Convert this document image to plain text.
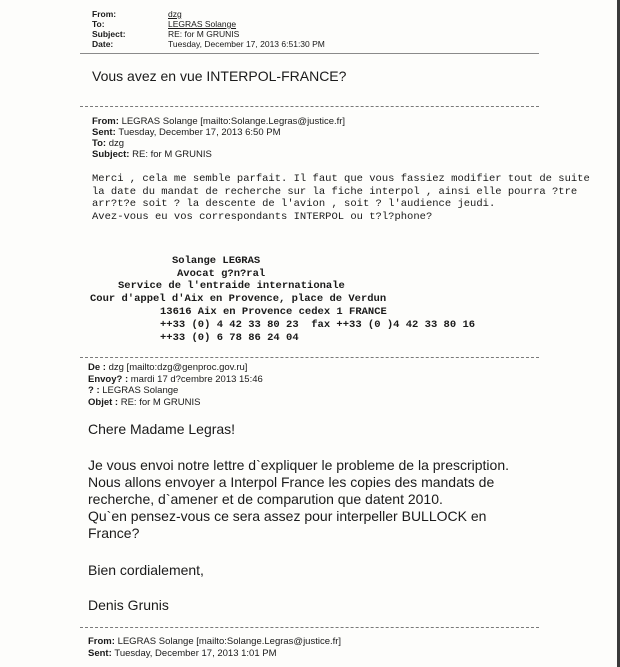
From:	dzg
To:	LEGRAS Solange
Subject:	RE: for M GRUNIS
Date:	Tuesday, December 17, 2013 6:51:30 PM
Vous avez en vue INTERPOL-FRANCE?
From: LEGRAS Solange [mailto:Solange.Legras@justice.fr]
Sent: Tuesday, December 17, 2013 6:50 PM
To: dzg
Subject: RE: for M GRUNIS
Merci , cela me semble parfait. Il faut que vous fassiez modifier tout de suite
la date du mandat de recherche sur la fiche interpol , ainsi elle pourra ?tre
arr?t?e soit ? la descente de l'avion , soit ? l'audience jeudi.
Avez-vous eu vos correspondants INTERPOL ou t?l?phone?
Solange LEGRAS
Avocat g?n?ral
Service de l'entraide internationale
Cour d'appel d'Aix en Provence, place de Verdun
13616 Aix en Provence cedex 1 FRANCE
++33 (0) 4 42 33 80 23  fax ++33 (0 )4 42 33 80 16
++33 (0) 6 78 86 24 04
De : dzg [mailto:dzg@genproc.gov.ru]
Envoy? : mardi 17 d?cembre 2013 15:46
? : LEGRAS Solange
Objet : RE: for M GRUNIS
Chere Madame Legras!
Je vous envoi notre lettre d`expliquer le probleme de la prescription.
Nous allons envoyer a Interpol France les copies des mandats de
recherche, d`amener et de comparution que datent 2010.
Qu`en pensez-vous ce sera assez pour interpeller BULLOCK en
France?
Bien cordialement,
Denis Grunis
From: LEGRAS Solange [mailto:Solange.Legras@justice.fr]
Sent: Tuesday, December 17, 2013 1:01 PM
